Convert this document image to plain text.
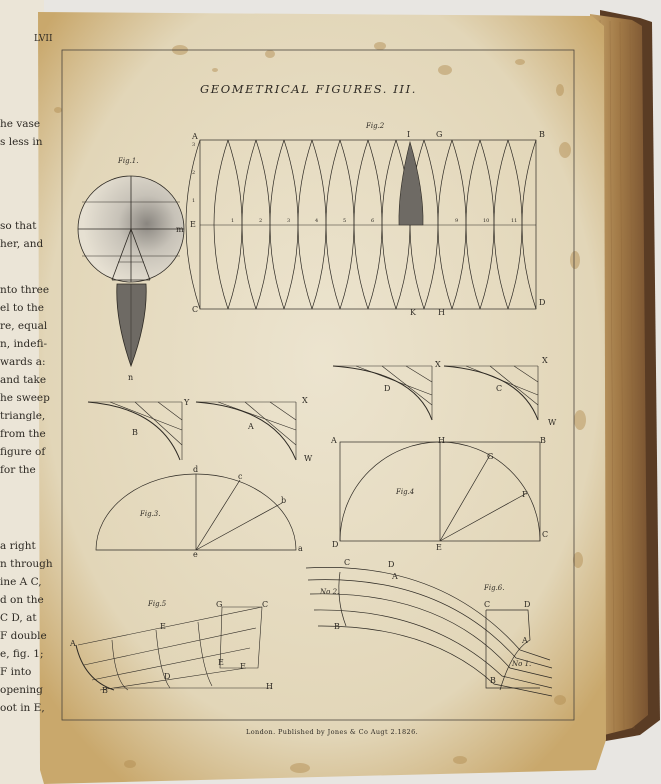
1	2	3	4	5	6	9	10	11
3
2
1
LVII
GEOMETRICAL FIGURES. III.
London. Published by Jones & Co Augt 2.1826.
he vase
s less in
so that
her, and
nto three
el to the
re, equal
n, indefi-
wards a:
and take
he sweep
triangle,
from the
figure of
for the
a right
n through
ine A C,
d on the
C D, at
F double
e, fig. 1;
F into
opening
oot in E,
Fig.1.
Fig.2
Fig.3.
Fig.4
Fig.5
Fig.6.
No 2.
No 1.
A	I	G	B
E
C	K	H
D
m
n
Y
B
X
A
W
X
D
X
C
W
A	H	B
G
F
D	E
C
d
c
b
a
e
A
E
G	C
E F
D
B	H
C	D
A
C	D
A
B
B
